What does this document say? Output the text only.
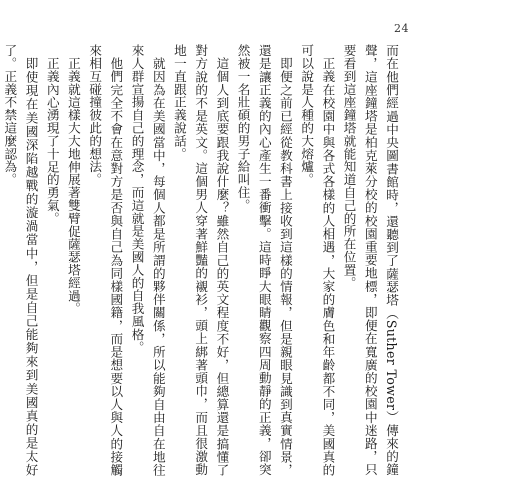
24

而在他們經過中央圖書館時，還聽到了薩瑟塔（Suther Tower）傳來的鐘聲，這座鐘塔是柏克萊分校的校園重要地標，即便在寬廣的校園中迷路，只要看到這座鐘塔就能知道自己的所在位置。

正義在校園中與各式各樣的人相遇，大家的膚色和年齡都不同，美國真的可以說是人種的大熔爐。

即便之前已經從教科書上接收到這樣的情報，但是親眼見識到真實情景，還是讓正義的內心產生一番衝擊。這時睜大眼睛觀察四周動靜的正義，卻突然被一名壯碩的男子給叫住。

這個人到底要跟我說什麼？雖然自己的英文程度不好，但總算還是搞懂了對方說的不是英文。這個男人穿著鮮豔的襯衫，頭上綁著頭巾，而且很激動地一直跟正義說話。

就因為在美國當中，每個人都是所謂的夥伴關係，所以能夠自由自在地往來人群宣揚自己的理念，而這就是美國人的自我風格。

他們完全不會在意對方是否與自己為同樣國籍，而是想要以人與人的接觸來相互碰撞彼此的想法。

正義就這樣大大地伸展著雙臂促薩瑟塔經過。

正義內心湧現了十足的勇氣。

即使現在美國深陷越戰的漩渦當中，但是自己能夠來到美國真的是太好了。正義不禁這麼認為。
